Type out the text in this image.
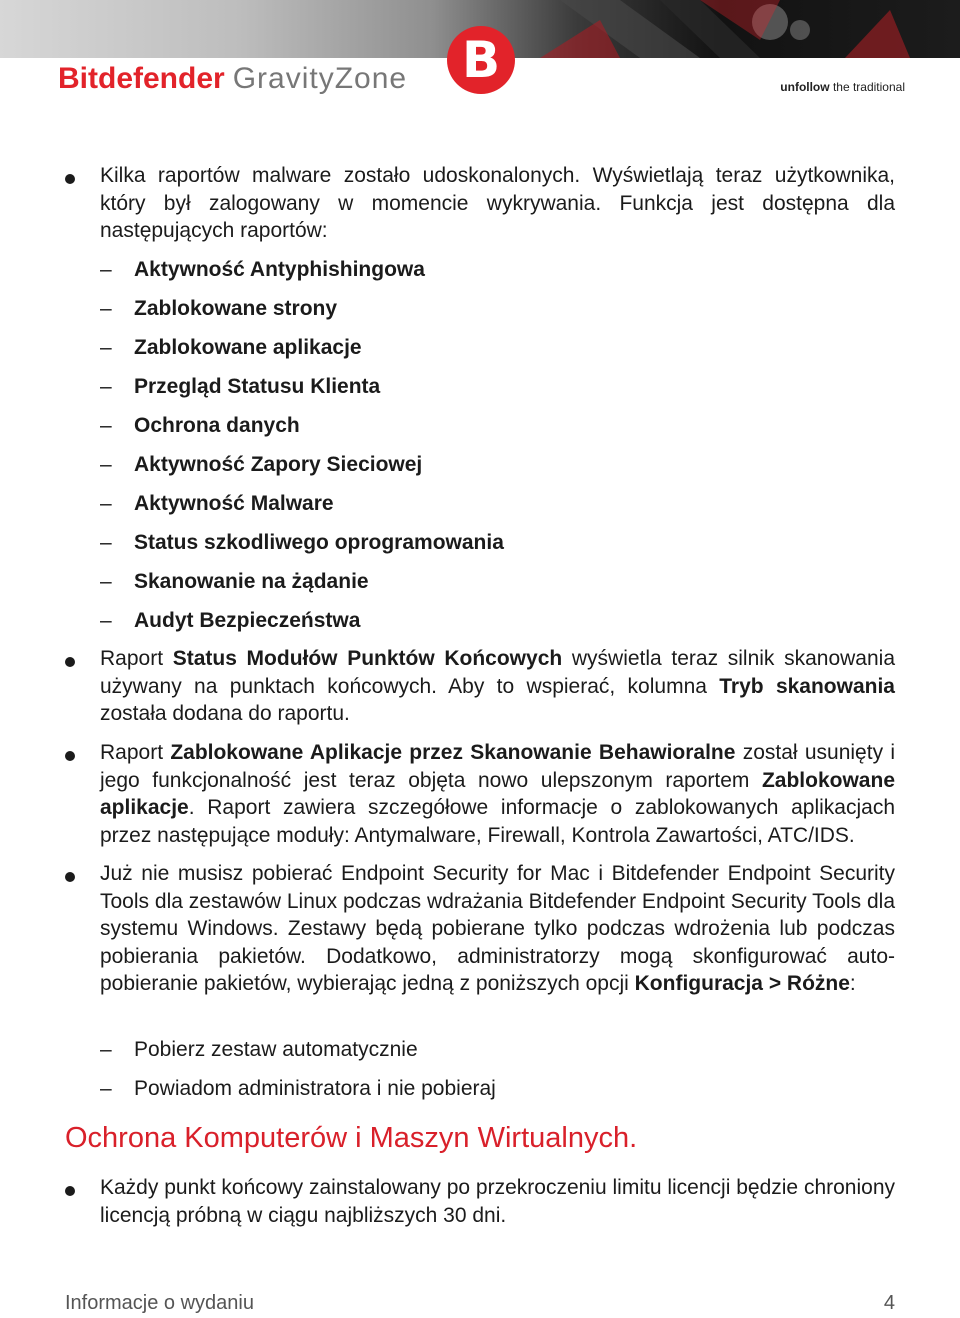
Bitdefender GravityZone B	unfollow the traditional
Kilka raportów malware zostało udoskonalonych. Wyświetlają teraz użytkownika, który był zalogowany w momencie wykrywania. Funkcja jest dostępna dla następujących raportów:
– Aktywność Antyphishingowa
– Zablokowane strony
– Zablokowane aplikacje
– Przegląd Statusu Klienta
– Ochrona danych
– Aktywność Zapory Sieciowej
– Aktywność Malware
– Status szkodliwego oprogramowania
– Skanowanie na żądanie
– Audyt Bezpieczeństwa
Raport Status Modułów Punktów Końcowych wyświetla teraz silnik skanowania używany na punktach końcowych. Aby to wspierać, kolumna Tryb skanowania została dodana do raportu.
Raport Zablokowane Aplikacje przez Skanowanie Behawioralne został usunięty i jego funkcjonalność jest teraz objęta nowo ulepszonym raportem Zablokowane aplikacje. Raport zawiera szczegółowe informacje o zablokowanych aplikacjach przez następujące moduły: Antymalware, Firewall, Kontrola Zawartości, ATC/IDS.
Już nie musisz pobierać Endpoint Security for Mac i Bitdefender Endpoint Security Tools dla zestawów Linux podczas wdrażania Bitdefender Endpoint Security Tools dla systemu Windows. Zestawy będą pobierane tylko podczas wdrożenia lub podczas pobierania pakietów. Dodatkowo, administratorzy mogą skonfigurować auto-pobieranie pakietów, wybierając jedną z poniższych opcji Konfiguracja > Różne:
– Pobierz zestaw automatycznie
– Powiadom administratora i nie pobieraj
Ochrona Komputerów i Maszyn Wirtualnych.
Każdy punkt końcowy zainstalowany po przekroczeniu limitu licencji będzie chroniony licencją próbną w ciągu najbliższych 30 dni.
Informacje o wydaniu	4
